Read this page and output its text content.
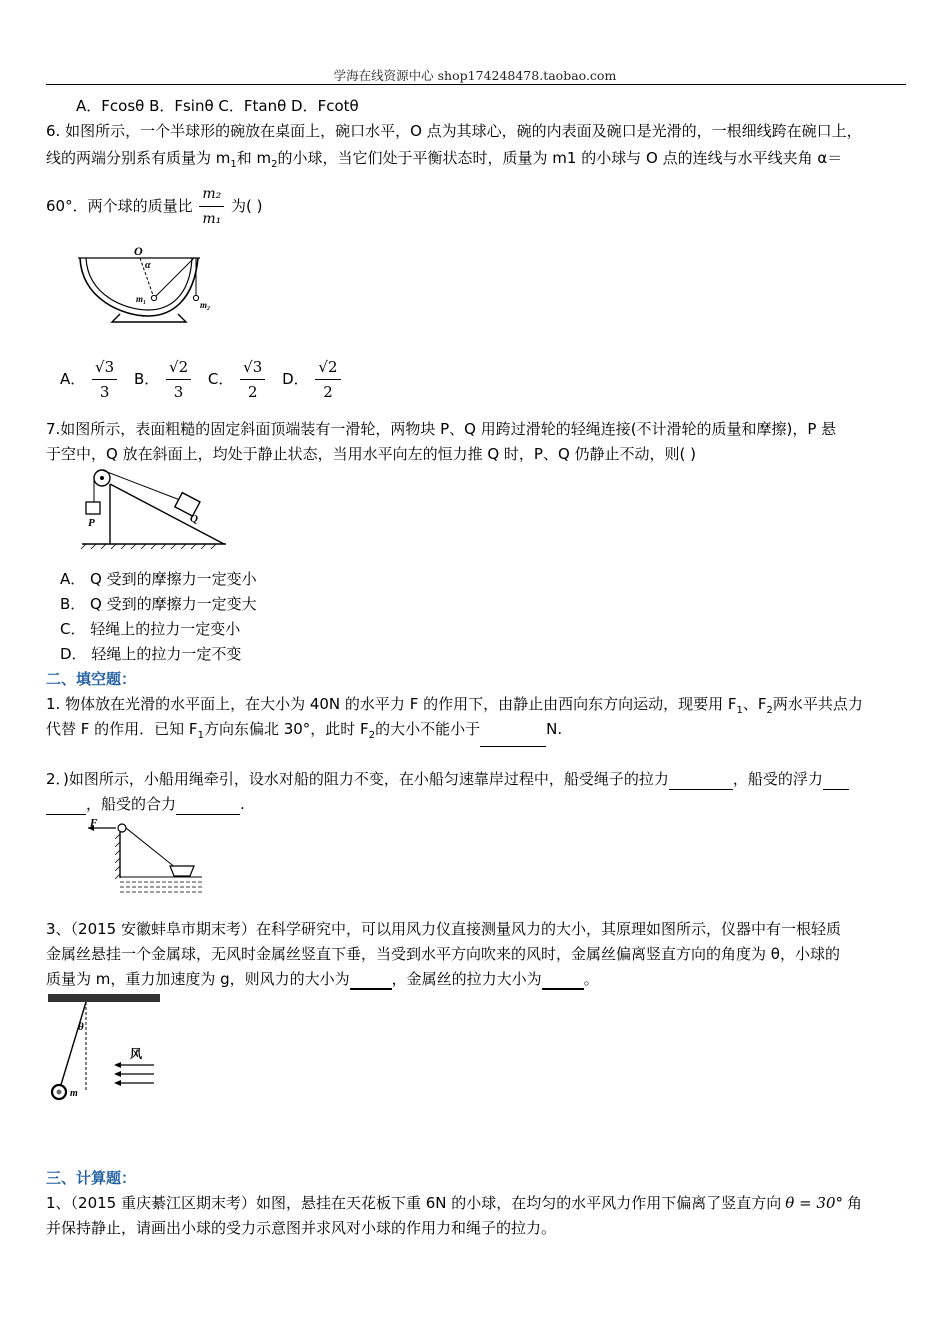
学海在线资源中心 shop174248478.taobao.com
A．Fcosθ B．Fsinθ C．Ftanθ D．Fcotθ
6. 如图所示，一个半球形的碗放在桌面上，碗口水平，O 点为其球心，碗的内表面及碗口是光滑的，一根细线跨在碗口上，
线的两端分别系有质量为 $m_1$和 $m_2$的小球，当它们处于平衡状态时，质量为 m1 的小球与 O 点的连线与水平线夹角 α＝
60°．两个球的质量比 $\frac{\text{m₂}}{\text{m₁}}$ 为( )
O
α
m₁
m₂
A． $\frac{√3}{3}$ B． $\frac{√2}{3}$ C． $\frac{√3}{2}$ D． $\frac{√2}{2}$
7.如图所示，表面粗糙的固定斜面顶端装有一滑轮，两物块 P、Q 用跨过滑轮的轻绳连接(不计滑轮的质量和摩擦)，P 悬
于空中，Q 放在斜面上，均处于静止状态，当用水平向左的恒力推 Q 时，P、Q 仍静止不动，则( )
P	Q
A． Q 受到的摩擦力一定变小
B． Q 受到的摩擦力一定变大
C． 轻绳上的拉力一定变小
D． 轻绳上的拉力一定不变
二、填空题：
1. 物体放在光滑的水平面上，在大小为 40N 的水平力 F 的作用下，由静止由西向东方向运动，现要用 $F_1$、$F_2$两水平共点力
代替 F 的作用．已知 $F_1$方向东偏北 30°，此时 $F_2$的大小不能小于	N.
2．)如图所示，小船用绳牵引，设水对船的阻力不变，在小船匀速靠岸过程中，船受绳子的拉力	，船受的浮力
，船受的合力	.
F
3、（2015 安徽蚌阜市期末考）在科学研究中，可以用风力仪直接测量风力的大小，其原理如图所示，仪器中有一根轻质
金属丝悬挂一个金属球，无风时金属丝竖直下垂，当受到水平方向吹来的风时，金属丝偏离竖直方向的角度为 θ，小球的
质量为 m，重力加速度为 g，则风力的大小为	，金属丝的拉力大小为	。
θ
风
m
三、计算题：
1、（2015 重庆綦江区期末考）如图，悬挂在天花板下重 6N 的小球，在均匀的水平风力作用下偏离了竖直方向 θ = 30° 角
并保持静止，请画出小球的受力示意图并求风对小球的作用力和绳子的拉力。
